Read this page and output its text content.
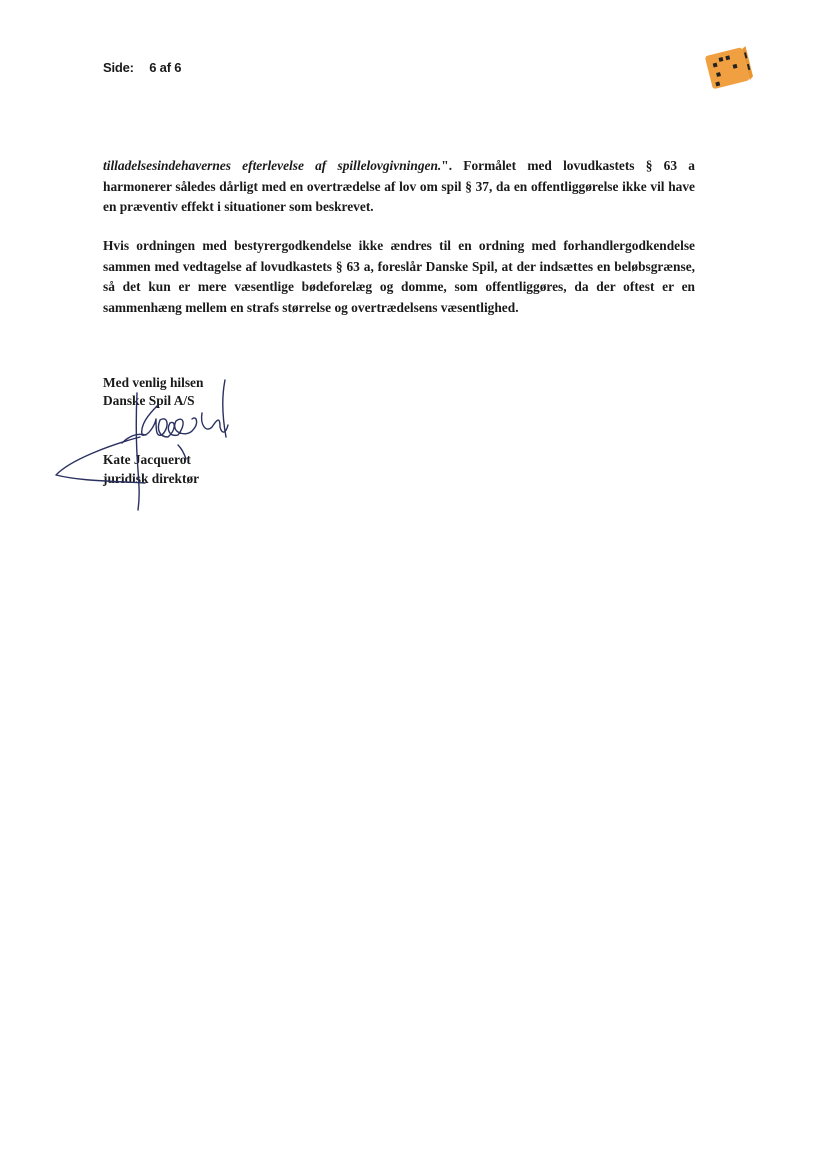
Side: 6 af 6

tilladelsesindehavernes efterlevelse af spillelovgivningen.". Formålet med lovudkastets § 63 a harmonerer således dårligt med en overtrædelse af lov om spil § 37, da en offentliggørelse ikke vil have en præventiv effekt i situationer som beskrevet.

Hvis ordningen med bestyrergodkendelse ikke ændres til en ordning med forhandlergodkendelse sammen med vedtagelse af lovudkastets § 63 a, foreslår Danske Spil, at der indsættes en beløbsgrænse, så det kun er mere væsentlige bødeforelæg og domme, som offentliggøres, da der oftest er en sammenhæng mellem en strafs størrelse og overtrædelsens væsentlighed.

Med venlig hilsen
Danske Spil A/S
Kate Jacquerot
juridisk direktør
